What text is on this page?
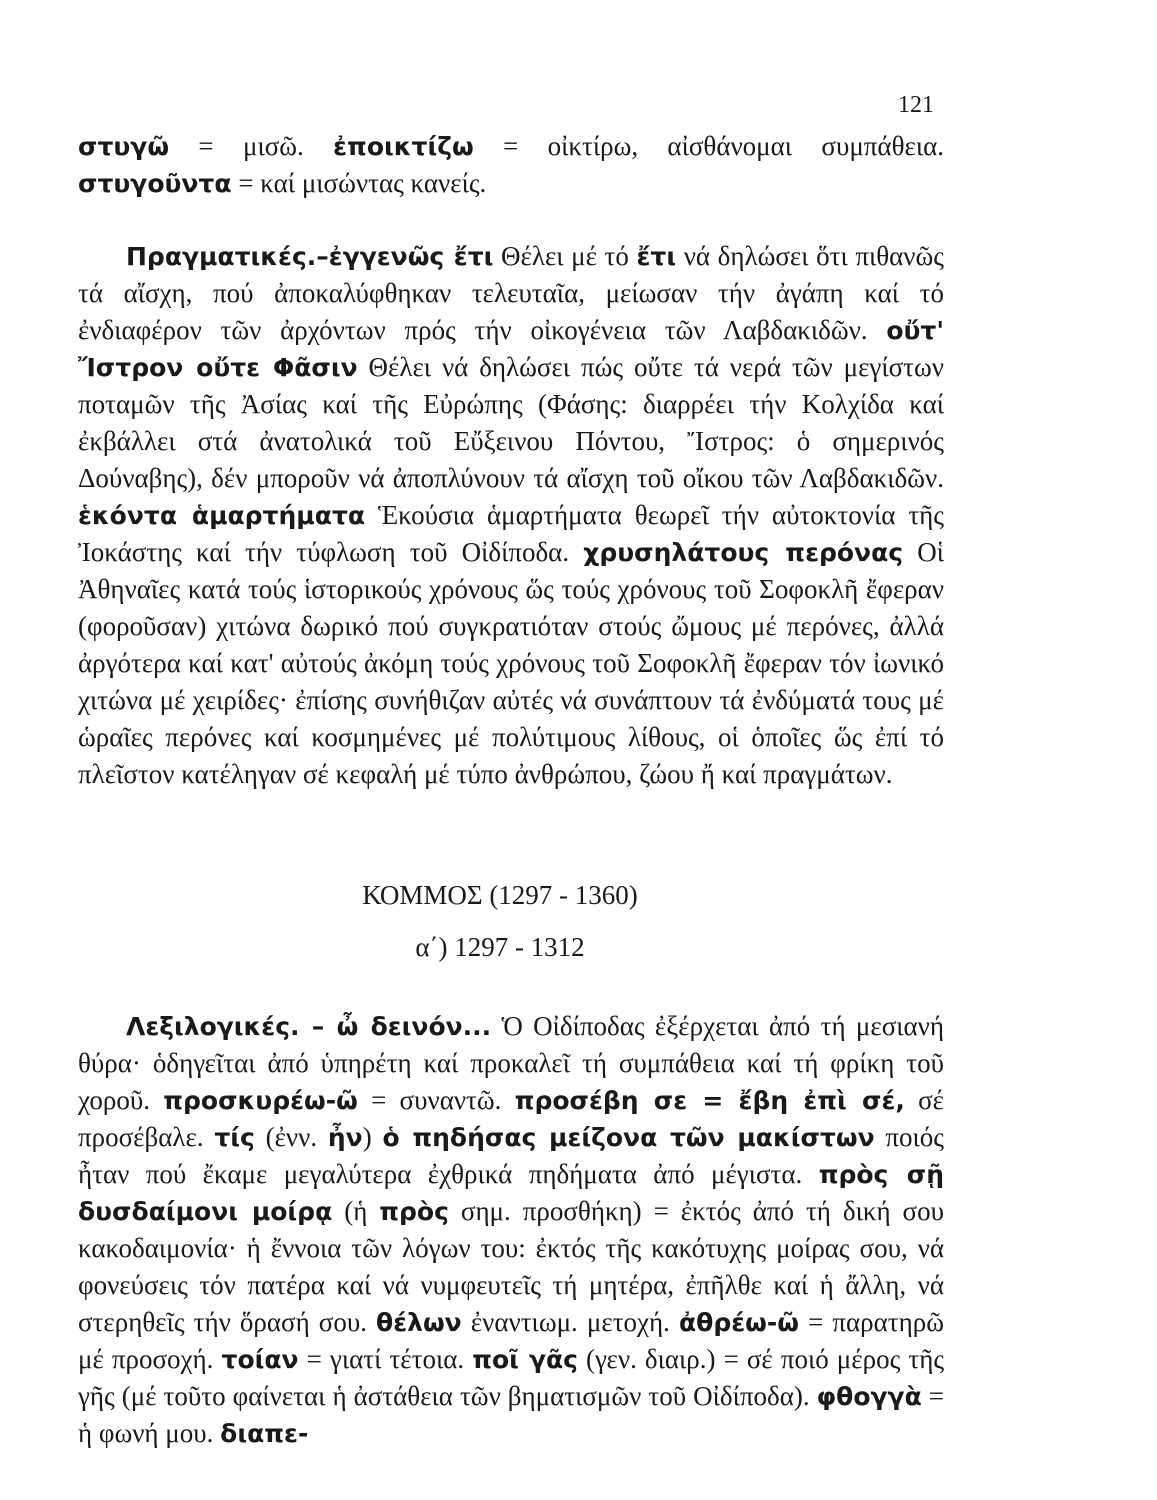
121
στυγῶ = μισῶ. ἐποικτίζω = οἰκτίρω, αἰσθάνομαι συμπάθεια. στυγοῦντα = καί μισώντας κανείς.
Πραγματικές.–ἐγγενῶς ἔτι Θέλει μέ τό ἔτι νά δηλώσει ὅτι πιθανῶς τά αἴσχη, πού ἀποκαλύφθηκαν τελευταῖα, μείωσαν τήν ἀγάπη καί τό ἐνδιαφέρον τῶν ἀρχόντων πρός τήν οἰκογένεια τῶν Λαβδακιδῶν. οὔτ' Ἴστρον οὔτε Φᾶσιν Θέλει νά δηλώσει πώς οὔτε τά νερά τῶν μεγίστων ποταμῶν τῆς Ἀσίας καί τῆς Εὐρώπης (Φάσης: διαρρέει τήν Κολχίδα καί ἐκβάλλει στά ἀνατολικά τοῦ Εὔξεινου Πόντου, Ἴστρος: ὁ σημερινός Δούναβης), δέν μποροῦν νά ἀποπλύνουν τά αἴσχη τοῦ οἴκου τῶν Λαβδακιδῶν. ἑκόντα ἁμαρτήματα Ἑκούσια ἁμαρτήματα θεωρεῖ τήν αὐτοκτονία τῆς Ἰοκάστης καί τήν τύφλωση τοῦ Οἰδίποδα. χρυσηλάτους περόνας Οἱ Ἀθηναῖες κατά τούς ἱστορικούς χρόνους ὥς τούς χρόνους τοῦ Σοφοκλῆ ἔφεραν (φοροῦσαν) χιτώνα δωρικό πού συγκρατιόταν στούς ὤμους μέ περόνες, ἀλλά ἀργότερα καί κατ' αὐτούς ἀκόμη τούς χρόνους τοῦ Σοφοκλῆ ἔφεραν τόν ἰωνικό χιτώνα μέ χειρίδες· ἐπίσης συνήθιζαν αὐτές νά συνάπτουν τά ἐνδύματά τους μέ ὡραῖες περόνες καί κοσμημένες μέ πολύτιμους λίθους, οἱ ὁποῖες ὥς ἐπί τό πλεῖστον κατέληγαν σέ κεφαλή μέ τύπο ἀνθρώπου, ζώου ἤ καί πραγμάτων.
ΚΟΜΜΟΣ (1297 - 1360)
α΄) 1297 - 1312
Λεξιλογικές. – ὦ δεινόν... Ὁ Οἰδίποδας ἐξέρχεται ἀπό τή μεσιανή θύρα· ὁδηγεῖται ἀπό ὑπηρέτη καί προκαλεῖ τή συμπάθεια καί τή φρίκη τοῦ χοροῦ. προσκυρέω-ῶ = συναντῶ. προσέβη σε = ἔβη ἐπὶ σέ, σέ προσέβαλε. τίς (ἐνν. ἦν) ὁ πηδήσας μείζονα τῶν μακίστων ποιός ἦταν πού ἔκαμε μεγαλύτερα ἐχθρικά πηδήματα ἀπό μέγιστα. πρὸς σῇ δυσδαίμονι μοίρᾳ (ἡ πρὸς σημ. προσθήκη) = ἐκτός ἀπό τή δική σου κακοδαιμονία· ἡ ἔννοια τῶν λόγων του: ἐκτός τῆς κακότυχης μοίρας σου, νά φονεύσεις τόν πατέρα καί νά νυμφευτεῖς τή μητέρα, ἐπῆλθε καί ἡ ἄλλη, νά στερηθεῖς τήν ὅρασή σου. θέλων ἐναντιωμ. μετοχή. ἀθρέω-ῶ = παρατηρῶ μέ προσοχή. τοίαν = γιατί τέτοια. ποῖ γᾶς (γεν. διαιρ.) = σέ ποιό μέρος τῆς γῆς (μέ τοῦτο φαίνεται ἡ ἀστάθεια τῶν βηματισμῶν τοῦ Οἰδίποδα). φθογγὰ = ἡ φωνή μου. διαπε-
